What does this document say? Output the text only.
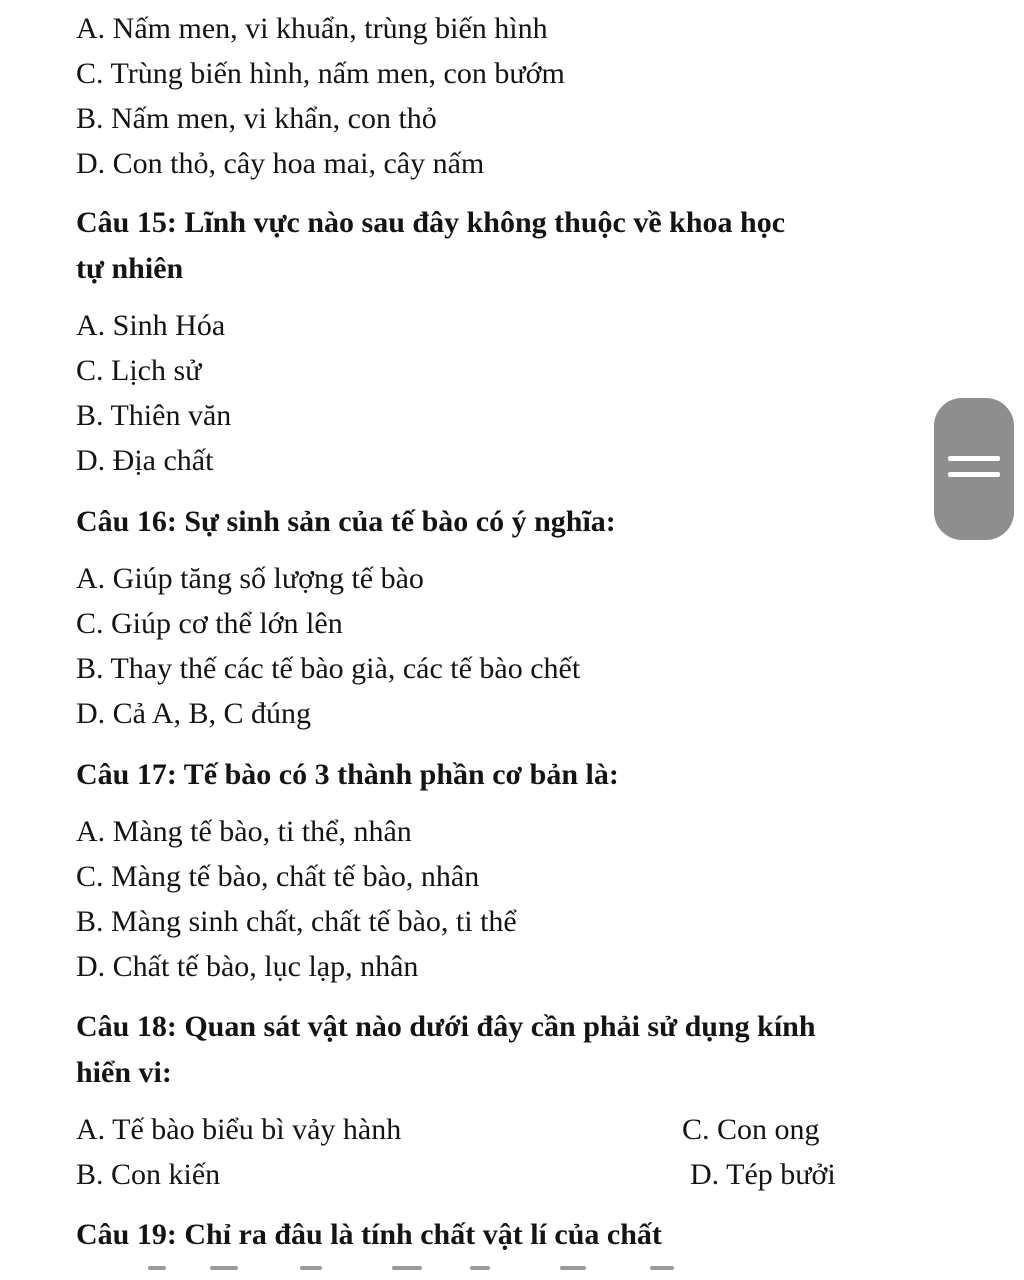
A. Nấm men, vi khuẩn, trùng biến hình
C. Trùng biến hình, nấm men, con bướm
B. Nấm men, vi khẩn, con thỏ
D. Con thỏ, cây hoa mai, cây nấm
Câu 15: Lĩnh vực nào sau đây không thuộc về khoa học
tự nhiên
A. Sinh Hóa
C. Lịch sử
B. Thiên văn
D. Địa chất
Câu 16: Sự sinh sản của tế bào có ý nghĩa:
A. Giúp tăng số lượng tế bào
C. Giúp cơ thể lớn lên
B. Thay thế các tế bào già, các tế bào chết
D. Cả A, B, C đúng
Câu 17: Tế bào có 3 thành phần cơ bản là:
A. Màng tế bào, ti thể, nhân
C. Màng tế bào, chất tế bào, nhân
B. Màng sinh chất, chất tế bào, ti thể
D. Chất tế bào, lục lạp, nhân
Câu 18: Quan sát vật nào dưới đây cần phải sử dụng kính
hiển vi:
A. Tế bào biểu bì vảy hành	C. Con ong
B. Con kiến	D. Tép bưởi
Câu 19: Chỉ ra đâu là tính chất vật lí của chất
